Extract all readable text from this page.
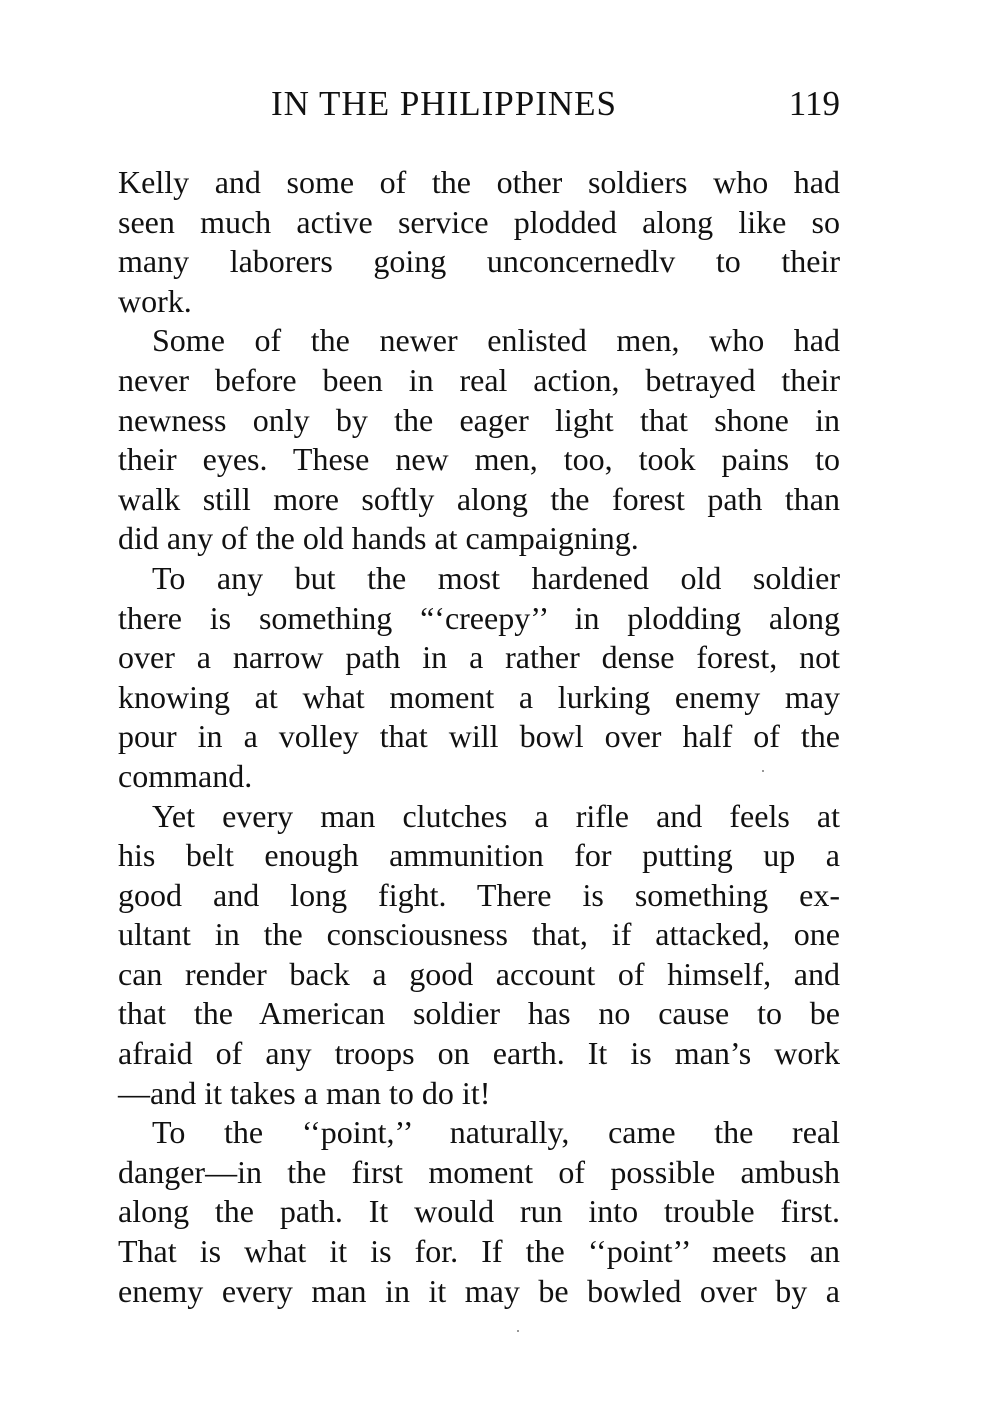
IN THE PHILIPPINES	119
Kelly and some of the other soldiers who had
seen much active service plodded along like so
many laborers going unconcernedlv to their
work.
Some of the newer enlisted men, who had
never before been in real action, betrayed their
newness only by the eager light that shone in
their eyes. These new men, too, took pains to
walk still more softly along the forest path than
did any of the old hands at campaigning.
To any but the most hardened old soldier
there is something “‘creepy’’ in plodding along
over a narrow path in a rather dense forest, not
knowing at what moment a lurking enemy may
pour in a volley that will bowl over half of the
command.
Yet every man clutches a rifle and feels at
his belt enough ammunition for putting up a
good and long fight. There is something ex-
ultant in the consciousness that, if attacked, one
can render back a good account of himself, and
that the American soldier has no cause to be
afraid of any troops on earth. It is man’s work
—and it takes a man to do it!
To the ‘‘point,’’ naturally, came the real
danger—in the first moment of possible ambush
along the path. It would run into trouble first.
That is what it is for. If the ‘‘point’’ meets an
enemy every man in it may be bowled over by a
